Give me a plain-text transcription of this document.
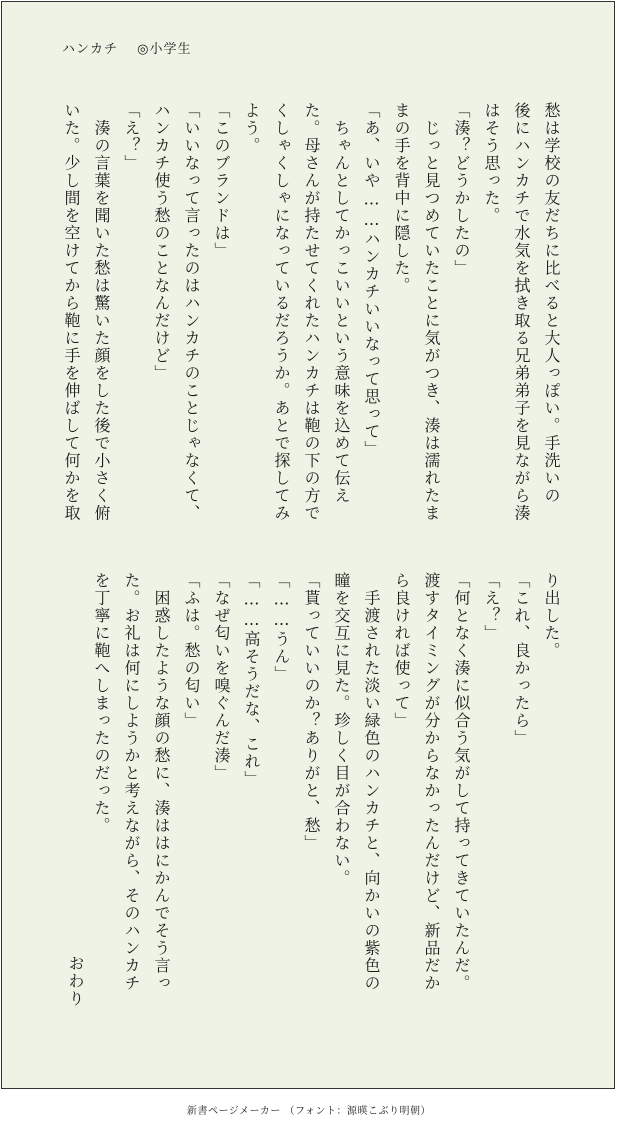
ハンカチ　 ◎小学生
愁は学校の友だちに比べると大人っぽい。手洗いの
後にハンカチで水気を拭き取る兄弟弟子を見ながら湊
はそう思った。
「湊？どうかしたの」
　じっと見つめていたことに気がつき、湊は濡れたま
まの手を背中に隠した。
「あ、いや……ハンカチいいなって思って」
　ちゃんとしてかっこいいという意味を込めて伝え
た。母さんが持たせてくれたハンカチは鞄の下の方で
くしゃくしゃになっているだろうか。あとで探してみ
よう。
「このブランドは」
「いいなって言ったのはハンカチのことじゃなくて、
ハンカチ使う愁のことなんだけど」
「え？」
　湊の言葉を聞いた愁は驚いた顔をした後で小さく俯
いた。少し間を空けてから鞄に手を伸ばして何かを取
り出した。
「これ、良かったら」
「え？」
「何となく湊に似合う気がして持ってきていたんだ。
渡すタイミングが分からなかったんだけど、新品だか
ら良ければ使って」
　手渡された淡い緑色のハンカチと、向かいの紫色の
瞳を交互に見た。珍しく目が合わない。
「貰っていいのか？ありがと、愁」
「……うん」
「……高そうだな、これ」
「なぜ匂いを嗅ぐんだ湊」
「ふは。愁の匂い」
　困惑したような顔の愁に、湊ははにかんでそう言っ
た。お礼は何にしようかと考えながら、そのハンカチ
を丁寧に鞄へしまったのだった。
おわり
新書ページメーカー （フォント：源暎こぶり明朝）
